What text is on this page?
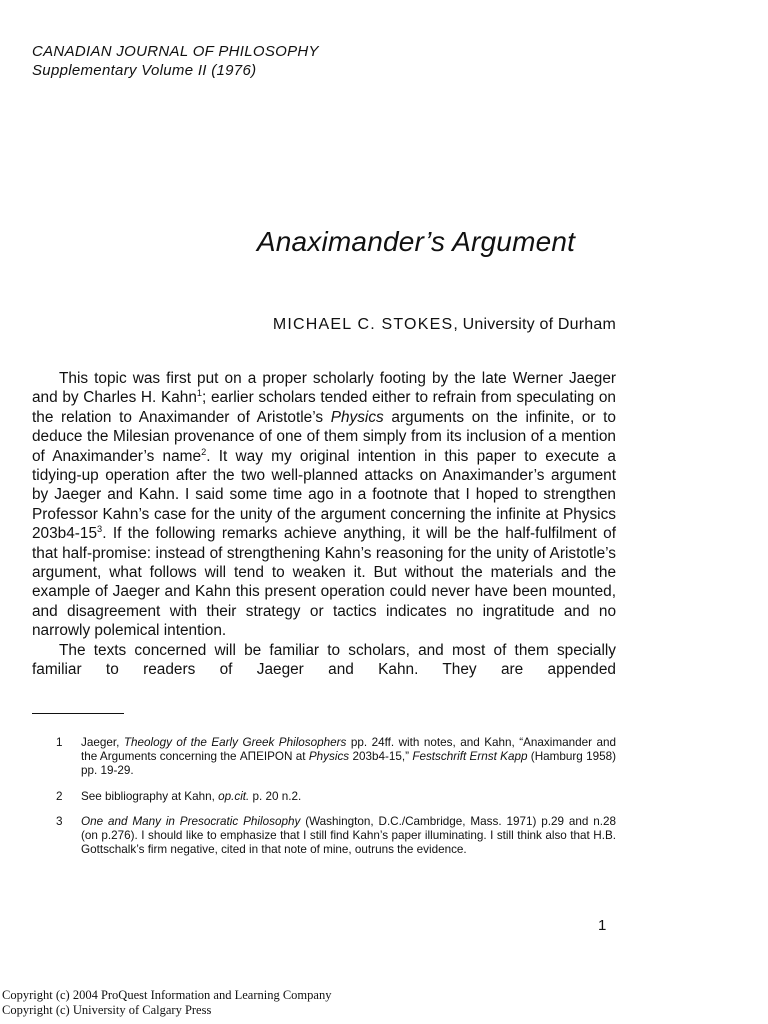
CANADIAN JOURNAL OF PHILOSOPHY
Supplementary Volume II (1976)
Anaximander’s Argument
MICHAEL C. STOKES, University of Durham

This topic was first put on a proper scholarly footing by the late Werner Jaeger and by Charles H. Kahn$^1$; earlier scholars tended either to refrain from speculating on the relation to Anaximander of Aristotle’s Physics arguments on the infinite, or to deduce the Milesian provenance of one of them simply from its inclusion of a mention of Anaximander’s name$^2$. It way my original intention in this paper to execute a tidying-up operation after the two well-planned attacks on Anaximander’s argument by Jaeger and Kahn. I said some time ago in a footnote that I hoped to strengthen Professor Kahn’s case for the unity of the argument concerning the infinite at Physics $203b4-15^3$. If the following remarks achieve anything, it will be the half-fulfilment of that half-promise: instead of strengthening Kahn’s reasoning for the unity of Aristotle’s argument, what follows will tend to weaken it. But without the materials and the example of Jaeger and Kahn this present operation could never have been mounted, and disagreement with their strategy or tactics indicates no ingratitude and no narrowly polemical intention.

The texts concerned will be familiar to scholars, and most of them specially familiar to readers of Jaeger and Kahn. They are appended

1 Jaeger, Theology of the Early Greek Philosophers pp. 24ff. with notes, and Kahn, “Anaximander and the Arguments concerning the ΑΠΕΙΡΟΝ at Physics 203b4-15,” Festschrift Ernst Kapp (Hamburg 1958) pp. 19-29.
2 See bibliography at Kahn, op.cit. p. 20 n.2.
3 One and Many in Presocratic Philosophy (Washington, D.C./Cambridge, Mass. 1971) p.29 and n.28 (on p.276). I should like to emphasize that I still find Kahn’s paper illuminating. I still think also that H.B. Gottschalk’s firm negative, cited in that note of mine, outruns the evidence.
1
Copyright (c) 2004 ProQuest Information and Learning Company
Copyright (c) University of Calgary Press
